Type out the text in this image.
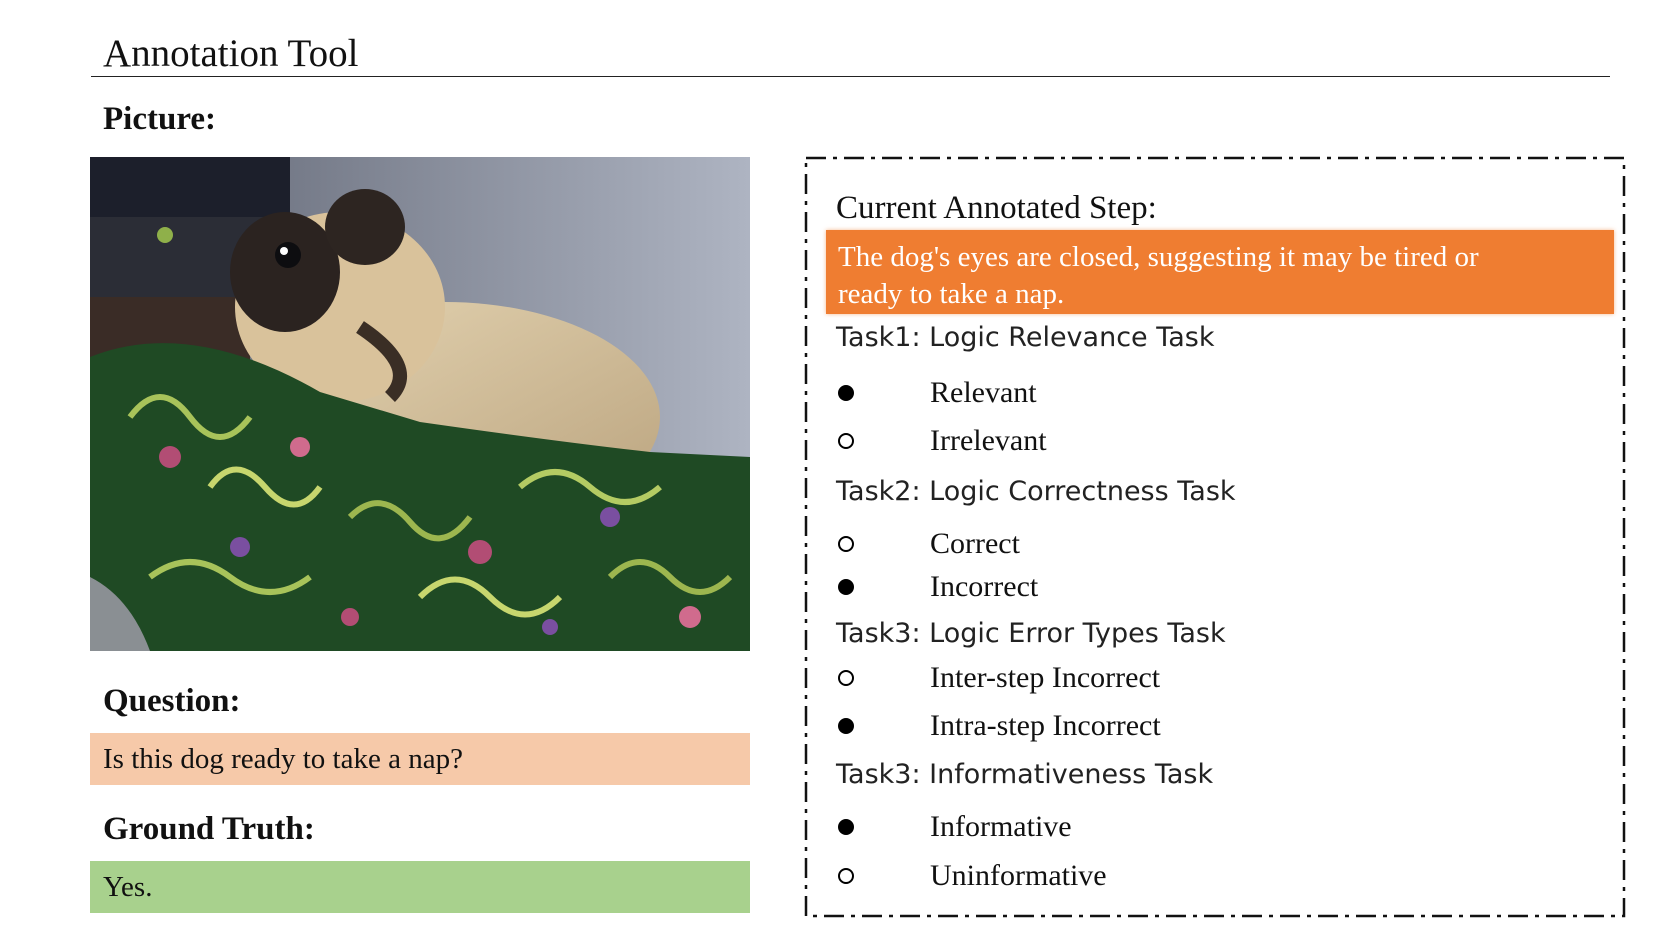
Annotation Tool
Picture:
Question:
Is this dog ready to take a nap?
Ground Truth:
Yes.
Current Annotated Step:
The dog's eyes are closed, suggesting it may be tired or
ready to take a nap.
Task1: Logic Relevance Task
Relevant
Irrelevant
Task2: Logic Correctness Task
Correct
Incorrect
Task3: Logic Error Types Task
Inter-step Incorrect
Intra-step Incorrect
Task3: Informativeness Task
Informative
Uninformative
